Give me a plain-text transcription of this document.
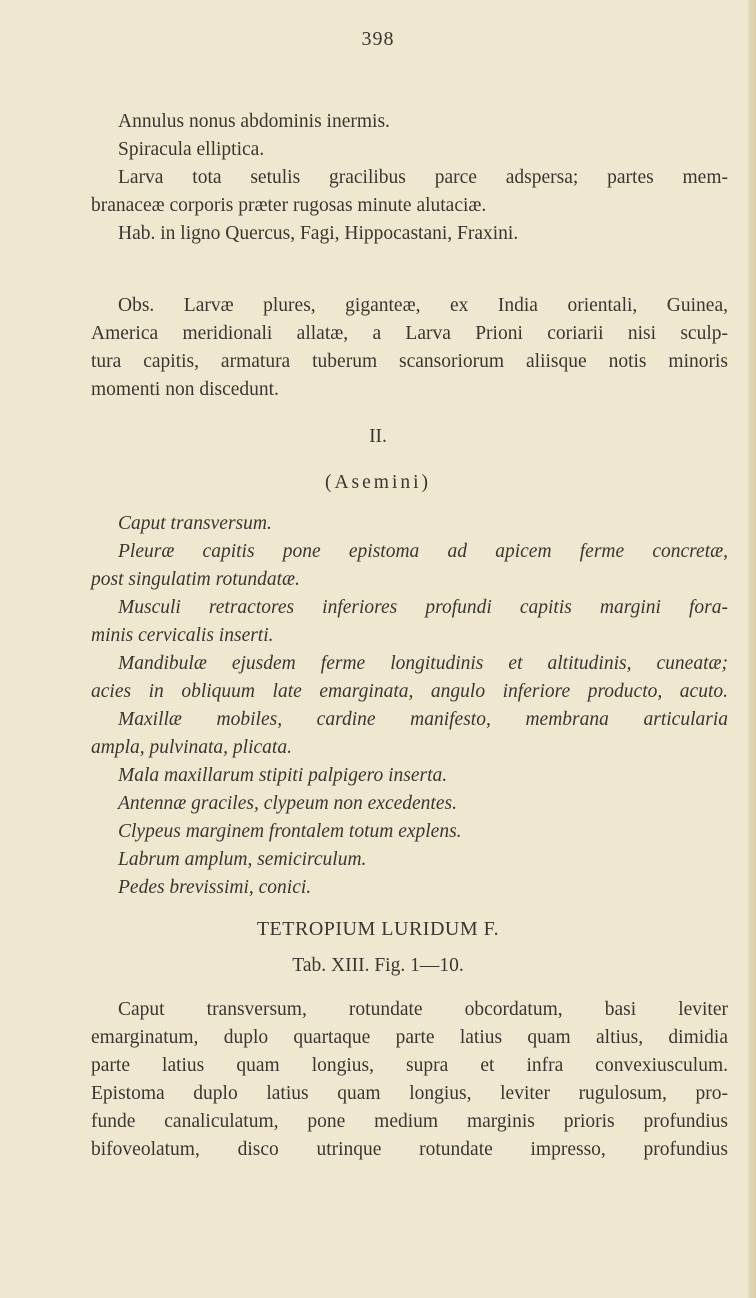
398
Annulus nonus abdominis inermis.
Spiracula elliptica.
Larva tota setulis gracilibus parce adspersa; partes mem-
branaceæ corporis præter rugosas minute alutaciæ.
Hab. in ligno Quercus, Fagi, Hippocastani, Fraxini.
Obs. Larvæ plures, giganteæ, ex India orientali, Guinea,
America meridionali allatæ, a Larva Prioni coriarii nisi sculp-
tura capitis, armatura tuberum scansoriorum aliisque notis minoris
momenti non discedunt.
II.
(Asemini)
Caput transversum.
Pleuræ capitis pone epistoma ad apicem ferme concretæ,
post singulatim rotundatæ.
Musculi retractores inferiores profundi capitis margini fora-
minis cervicalis inserti.
Mandibulæ ejusdem ferme longitudinis et altitudinis, cuneatæ;
acies in obliquum late emarginata, angulo inferiore producto, acuto.
Maxillæ mobiles, cardine manifesto, membrana articularia
ampla, pulvinata, plicata.
Mala maxillarum stipiti palpigero inserta.
Antennæ graciles, clypeum non excedentes.
Clypeus marginem frontalem totum explens.
Labrum amplum, semicirculum.
Pedes brevissimi, conici.
TETROPIUM LURIDUM F.
Tab. XIII. Fig. 1—10.
Caput transversum, rotundate obcordatum, basi leviter
emarginatum, duplo quartaque parte latius quam altius, dimidia
parte latius quam longius, supra et infra convexiusculum.
Epistoma duplo latius quam longius, leviter rugulosum, pro-
funde canaliculatum, pone medium marginis prioris profundius
bifoveolatum, disco utrinque rotundate impresso, profundius
